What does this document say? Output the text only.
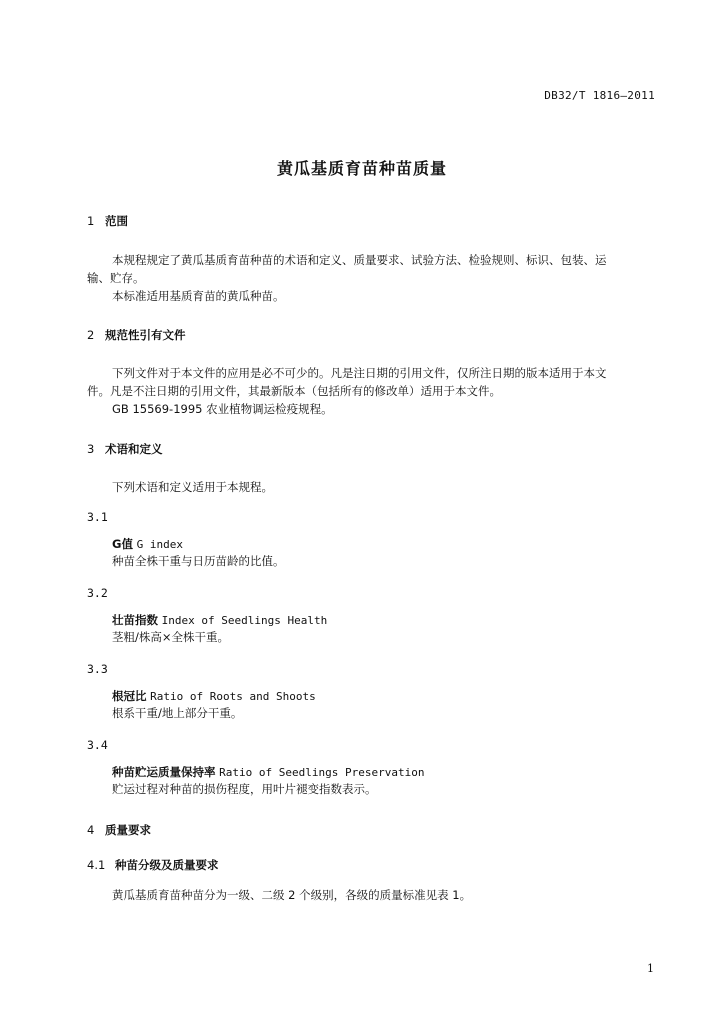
DB32/T 1816—2011
黄瓜基质育苗种苗质量
1 范围
本规程规定了黄瓜基质育苗种苗的术语和定义、质量要求、试验方法、检验规则、标识、包装、运
输、贮存。
本标准适用基质育苗的黄瓜种苗。
2 规范性引有文件
下列文件对于本文件的应用是必不可少的。凡是注日期的引用文件，仅所注日期的版本适用于本文
件。凡是不注日期的引用文件，其最新版本（包括所有的修改单）适用于本文件。
GB 15569-1995 农业植物调运检疫规程。
3 术语和定义
下列术语和定义适用于本规程。
3.1
G值 G index
种苗全株干重与日历苗龄的比值。
3.2
壮苗指数 Index of Seedlings Health
茎粗/株高×全株干重。
3.3
根冠比 Ratio of Roots and Shoots
根系干重/地上部分干重。
3.4
种苗贮运质量保持率 Ratio of Seedlings Preservation
贮运过程对种苗的损伤程度，用叶片褪变指数表示。
4 质量要求
4.1 种苗分级及质量要求
黄瓜基质育苗种苗分为一级、二级 2 个级别，各级的质量标准见表 1。
1
